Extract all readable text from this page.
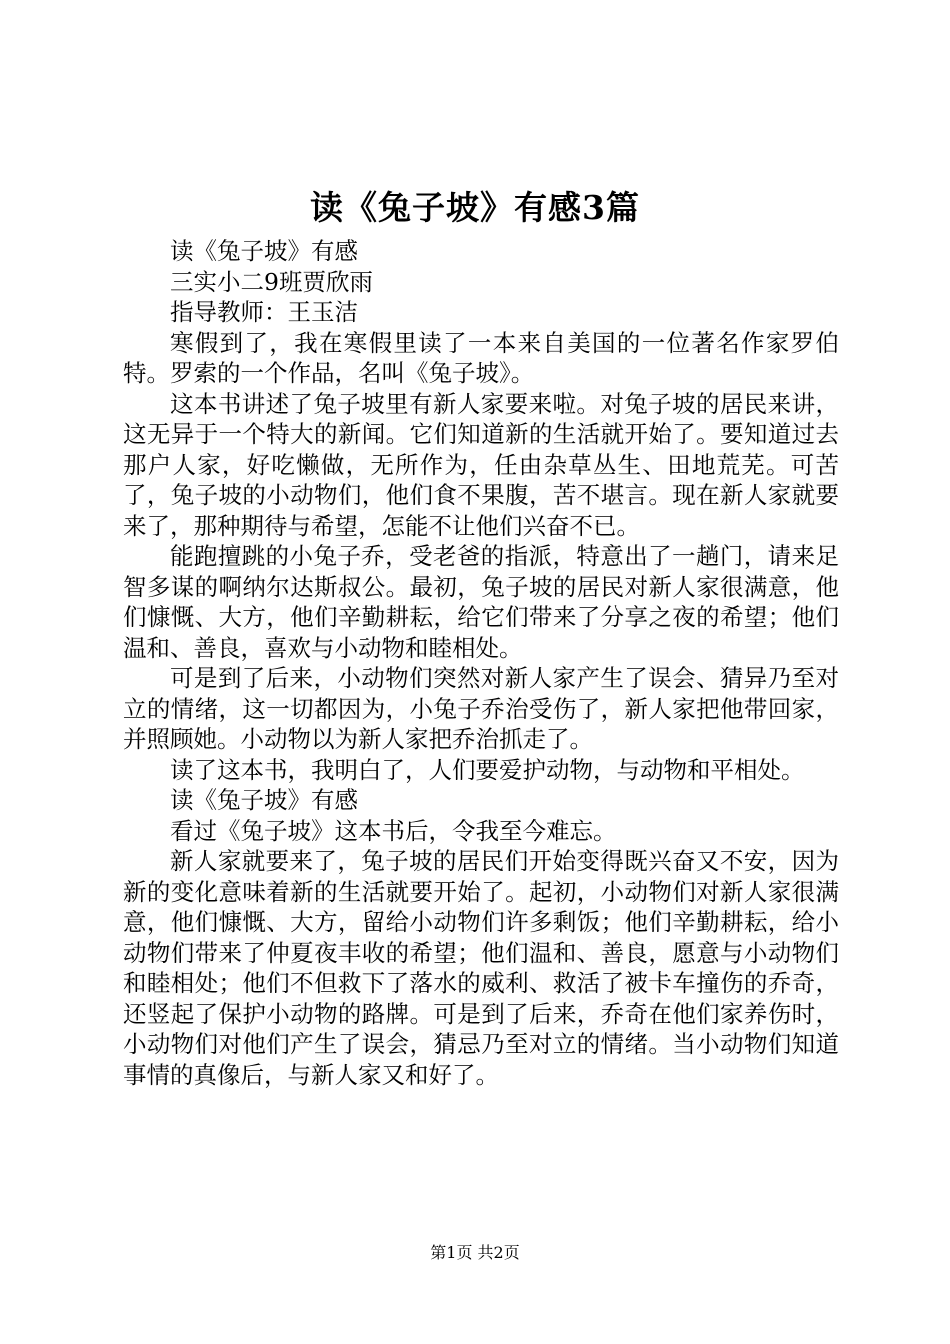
读《兔子坡》有感3篇

读《兔子坡》有感

三实小二9班贾欣雨

指导教师：王玉洁

寒假到了，我在寒假里读了一本来自美国的一位著名作家罗伯特。罗索的一个作品，名叫《兔子坡》。

这本书讲述了兔子坡里有新人家要来啦。对兔子坡的居民来讲，这无异于一个特大的新闻。它们知道新的生活就开始了。要知道过去那户人家，好吃懒做，无所作为，任由杂草丛生、田地荒芜。可苦了，兔子坡的小动物们，他们食不果腹，苦不堪言。现在新人家就要来了，那种期待与希望，怎能不让他们兴奋不已。

能跑擅跳的小兔子乔，受老爸的指派，特意出了一趟门，请来足智多谋的啊纳尔达斯叔公。最初，兔子坡的居民对新人家很满意，他们慷慨、大方，他们辛勤耕耘，给它们带来了分享之夜的希望；他们温和、善良，喜欢与小动物和睦相处。

可是到了后来，小动物们突然对新人家产生了误会、猜异乃至对立的情绪，这一切都因为，小兔子乔治受伤了，新人家把他带回家，并照顾她。小动物以为新人家把乔治抓走了。

读了这本书，我明白了，人们要爱护动物，与动物和平相处。

读《兔子坡》有感

看过《兔子坡》这本书后，令我至今难忘。

新人家就要来了，兔子坡的居民们开始变得既兴奋又不安，因为新的变化意味着新的生活就要开始了。起初，小动物们对新人家很满意，他们慷慨、大方，留给小动物们许多剩饭；他们辛勤耕耘，给小动物们带来了仲夏夜丰收的希望；他们温和、善良，愿意与小动物们和睦相处；他们不但救下了落水的威利、救活了被卡车撞伤的乔奇，还竖起了保护小动物的路牌。可是到了后来，乔奇在他们家养伤时，小动物们对他们产生了误会，猜忌乃至对立的情绪。当小动物们知道事情的真像后，与新人家又和好了。

第1页 共2页
